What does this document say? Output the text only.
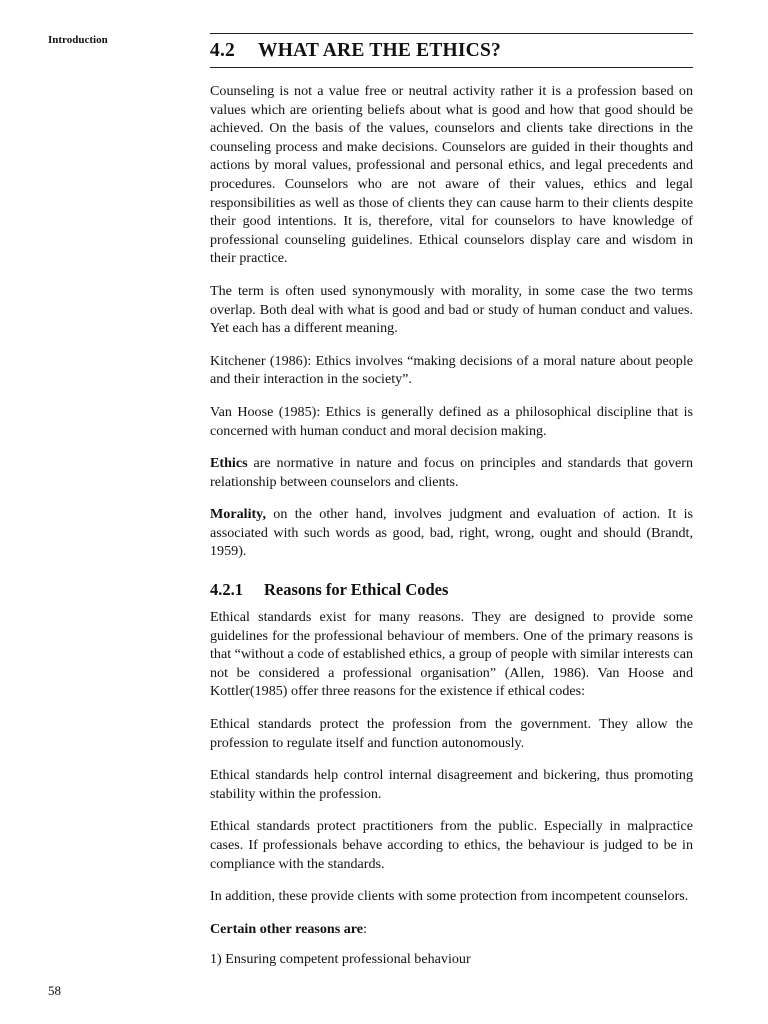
Introduction	4.2 WHAT ARE THE ETHICS?

Counseling is not a value free or neutral activity rather it is a profession based on values which are orienting beliefs about what is good and how that good should be achieved. On the basis of the values, counselors and clients take directions in the counseling process and make decisions. Counselors are guided in their thoughts and actions by moral values, professional and personal ethics, and legal precedents and procedures. Counselors who are not aware of their values, ethics and legal responsibilities as well as those of clients they can cause harm to their clients despite their good intentions. It is, therefore, vital for counselors to have knowledge of professional counseling guidelines. Ethical counselors display care and wisdom in their practice.

The term is often used synonymously with morality, in some case the two terms overlap. Both deal with what is good and bad or study of human conduct and values. Yet each has a different meaning.

Kitchener (1986): Ethics involves “making decisions of a moral nature about people and their interaction in the society”.

Van Hoose (1985): Ethics is generally defined as a philosophical discipline that is concerned with human conduct and moral decision making.

Ethics are normative in nature and focus on principles and standards that govern relationship between counselors and clients.

Morality, on the other hand, involves judgment and evaluation of action. It is associated with such words as good, bad, right, wrong, ought and should (Brandt, 1959).

4.2.1 Reasons for Ethical Codes

Ethical standards exist for many reasons. They are designed to provide some guidelines for the professional behaviour of members. One of the primary reasons is that “without a code of established ethics, a group of people with similar interests can not be considered a professional organisation” (Allen, 1986). Van Hoose and Kottler(1985) offer three reasons for the existence if ethical codes:

Ethical standards protect the profession from the government. They allow the profession to regulate itself and function autonomously.

Ethical standards help control internal disagreement and bickering, thus promoting stability within the profession.

Ethical standards protect practitioners from the public. Especially in malpractice cases. If professionals behave according to ethics, the behaviour is judged to be in compliance with the standards.

In addition, these provide clients with some protection from incompetent counselors.

Certain other reasons are:

1) Ensuring competent professional behaviour
58
